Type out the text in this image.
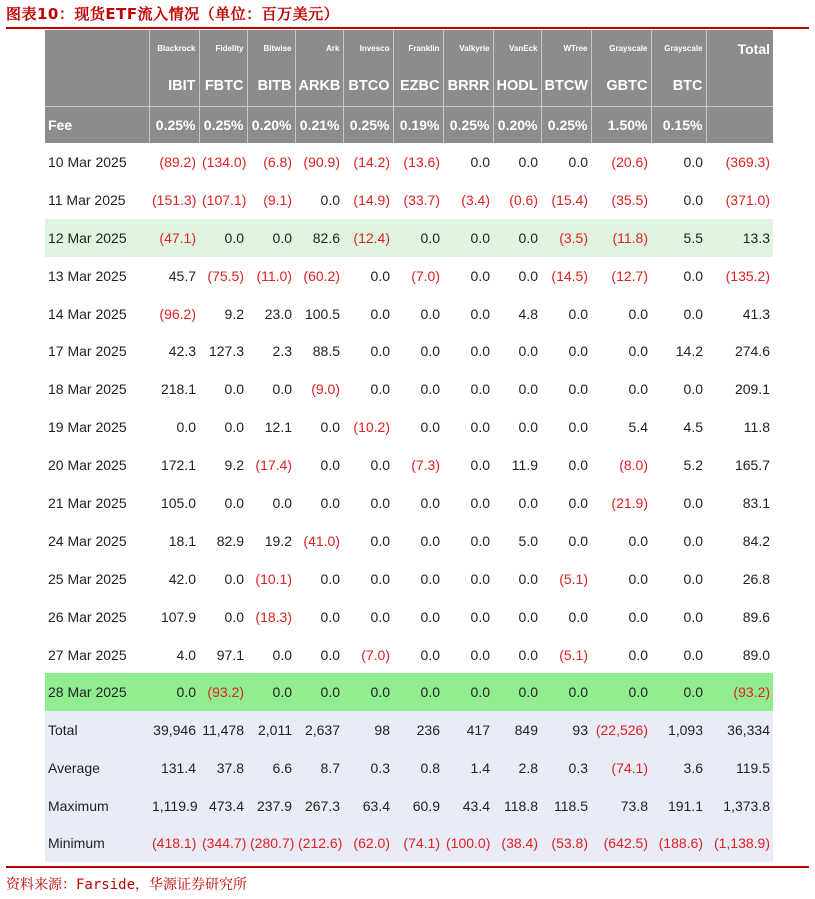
图表10：现货ETF流入情况（单位：百万美元）
	Blackrock	Fidelity	Bitwise	Ark	Invesco	Franklin	Valkyrie	VanEck	WTree	Grayscale	Grayscale	Total
	IBIT	FBTC	BITB	ARKB	BTCO	EZBC	BRRR	HODL	BTCW	GBTC	BTC	
Fee	0.25%	0.25%	0.20%	0.21%	0.25%	0.19%	0.25%	0.20%	0.25%	1.50%	0.15%	
10 Mar 2025	(89.2)	(134.0)	(6.8)	(90.9)	(14.2)	(13.6)	0.0	0.0	0.0	(20.6)	0.0	(369.3)
11 Mar 2025	(151.3)	(107.1)	(9.1)	0.0	(14.9)	(33.7)	(3.4)	(0.6)	(15.4)	(35.5)	0.0	(371.0)
12 Mar 2025	(47.1)	0.0	0.0	82.6	(12.4)	0.0	0.0	0.0	(3.5)	(11.8)	5.5	13.3
13 Mar 2025	45.7	(75.5)	(11.0)	(60.2)	0.0	(7.0)	0.0	0.0	(14.5)	(12.7)	0.0	(135.2)
14 Mar 2025	(96.2)	9.2	23.0	100.5	0.0	0.0	0.0	4.8	0.0	0.0	0.0	41.3
17 Mar 2025	42.3	127.3	2.3	88.5	0.0	0.0	0.0	0.0	0.0	0.0	14.2	274.6
18 Mar 2025	218.1	0.0	0.0	(9.0)	0.0	0.0	0.0	0.0	0.0	0.0	0.0	209.1
19 Mar 2025	0.0	0.0	12.1	0.0	(10.2)	0.0	0.0	0.0	0.0	5.4	4.5	11.8
20 Mar 2025	172.1	9.2	(17.4)	0.0	0.0	(7.3)	0.0	11.9	0.0	(8.0)	5.2	165.7
21 Mar 2025	105.0	0.0	0.0	0.0	0.0	0.0	0.0	0.0	0.0	(21.9)	0.0	83.1
24 Mar 2025	18.1	82.9	19.2	(41.0)	0.0	0.0	0.0	5.0	0.0	0.0	0.0	84.2
25 Mar 2025	42.0	0.0	(10.1)	0.0	0.0	0.0	0.0	0.0	(5.1)	0.0	0.0	26.8
26 Mar 2025	107.9	0.0	(18.3)	0.0	0.0	0.0	0.0	0.0	0.0	0.0	0.0	89.6
27 Mar 2025	4.0	97.1	0.0	0.0	(7.0)	0.0	0.0	0.0	(5.1)	0.0	0.0	89.0
28 Mar 2025	0.0	(93.2)	0.0	0.0	0.0	0.0	0.0	0.0	0.0	0.0	0.0	(93.2)
Total	39,946	11,478	2,011	2,637	98	236	417	849	93	(22,526)	1,093	36,334
Average	131.4	37.8	6.6	8.7	0.3	0.8	1.4	2.8	0.3	(74.1)	3.6	119.5
Maximum	1,119.9	473.4	237.9	267.3	63.4	60.9	43.4	118.8	118.5	73.8	191.1	1,373.8
Minimum	(418.1)	(344.7)	(280.7)	(212.6)	(62.0)	(74.1)	(100.0)	(38.4)	(53.8)	(642.5)	(188.6)	(1,138.9)
资料来源：Farside，华源证券研究所
